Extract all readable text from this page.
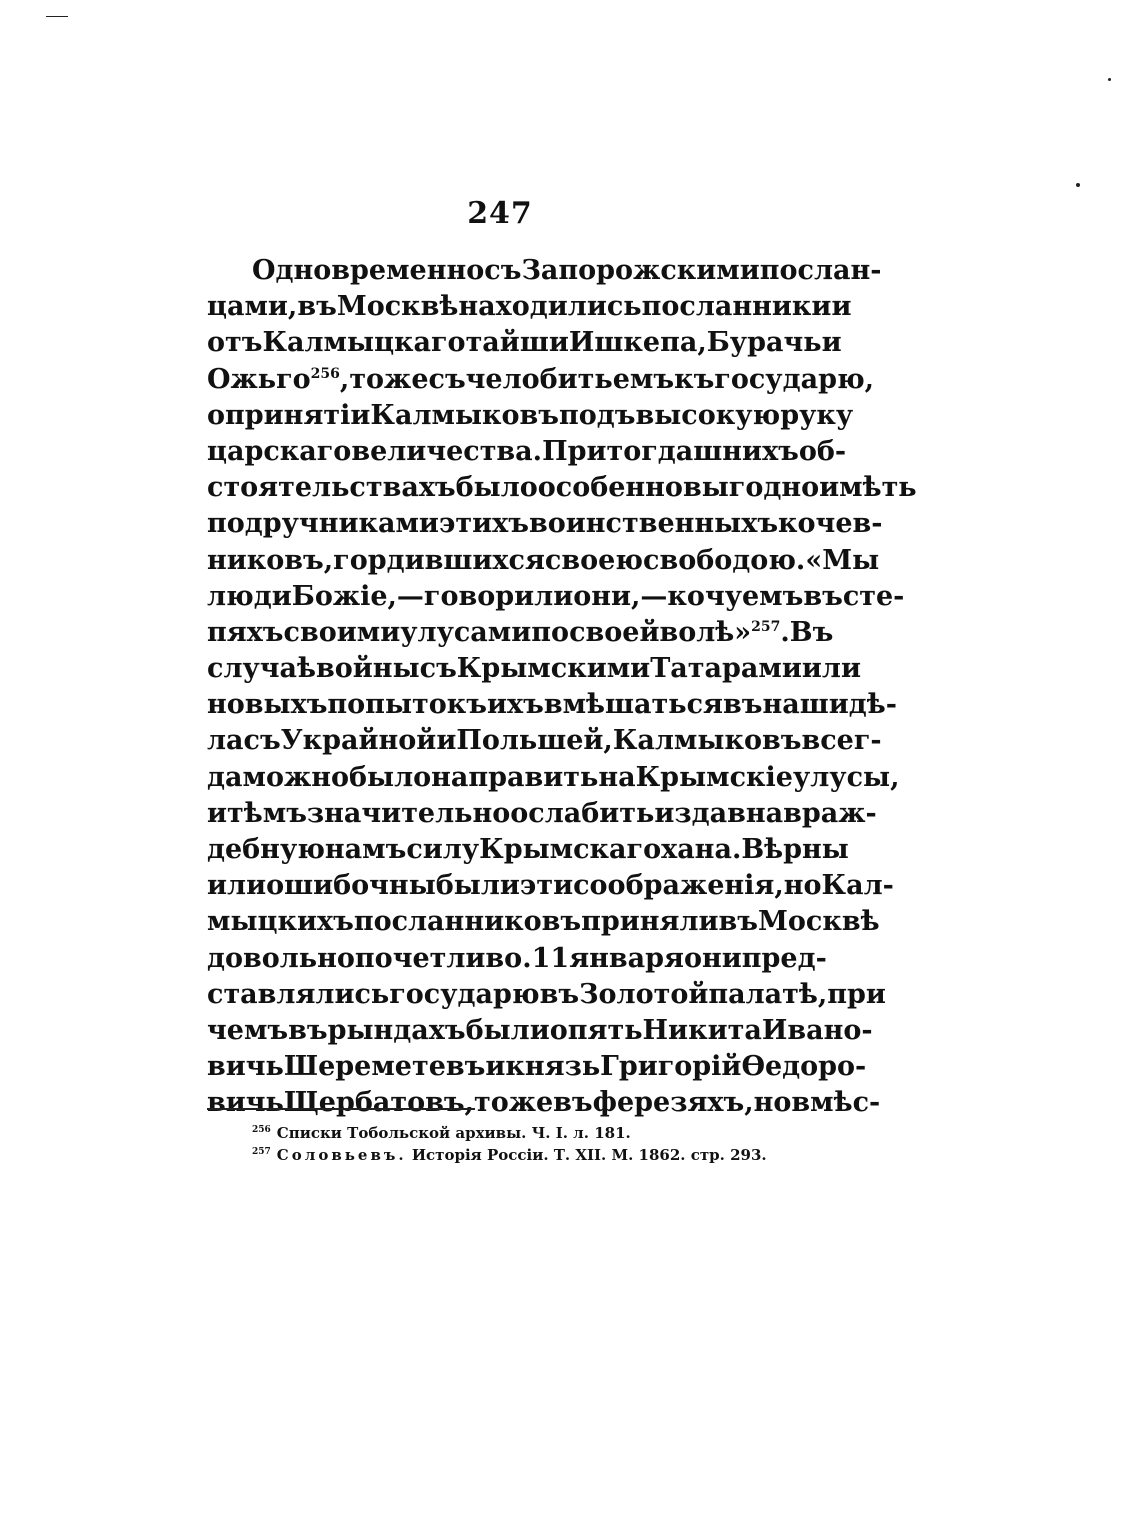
247
Одновременно съ Запорожскими послан-
цами, въ Москвѣ находились посланники и
отъ Калмыцкаго тайши Ишкепа, Бурачь и
Ожьго$^{256}$, тоже съ челобитьемъ къ государю,
о принятіи Калмыковъ подъ высокую руку
царскаго величества. При тогдашнихъ об-
стоятельствахъ было особенно выгодно имѣть
подручниками этихъ воинственныхъ кочев-
никовъ, гордившихся своею свободою. «Мы
люди Божіе,—говорили они,—кочуемъ въ сте-
пяхъ своими улусами по своей волѣ»$^{257}$. Въ
случаѣ войны съ Крымскими Татарами или
новыхъ попытокъ ихъ вмѣшаться въ наши дѣ-
ла съ Украйной и Польшей, Калмыковъ всег-
да можно было направить на Крымскіе улусы,
и тѣмъ значительно ослабить издавна враж-
дебную намъ силу Крымскаго хана. Вѣрны
или ошибочны были эти соображенія, но Кал-
мыцкихъ посланниковъ приняли въ Москвѣ
довольно почетливо. 11 января они пред-
ставлялись государю въ Золотой палатѣ, при
чемъ въ рындахъ были опять Никита Ивано-
вичь Шереметевъ и князь Григорій Ѳедоро-
вичь Щербатовъ, тоже въ ферезяхъ, но вмѣс-
$^{256}$ Списки Тобольской архивы. Ч. I. л. 181.
$^{257}$ Соловьевъ. Исторія Россіи. Т. XII. М. 1862. стр. 293.
